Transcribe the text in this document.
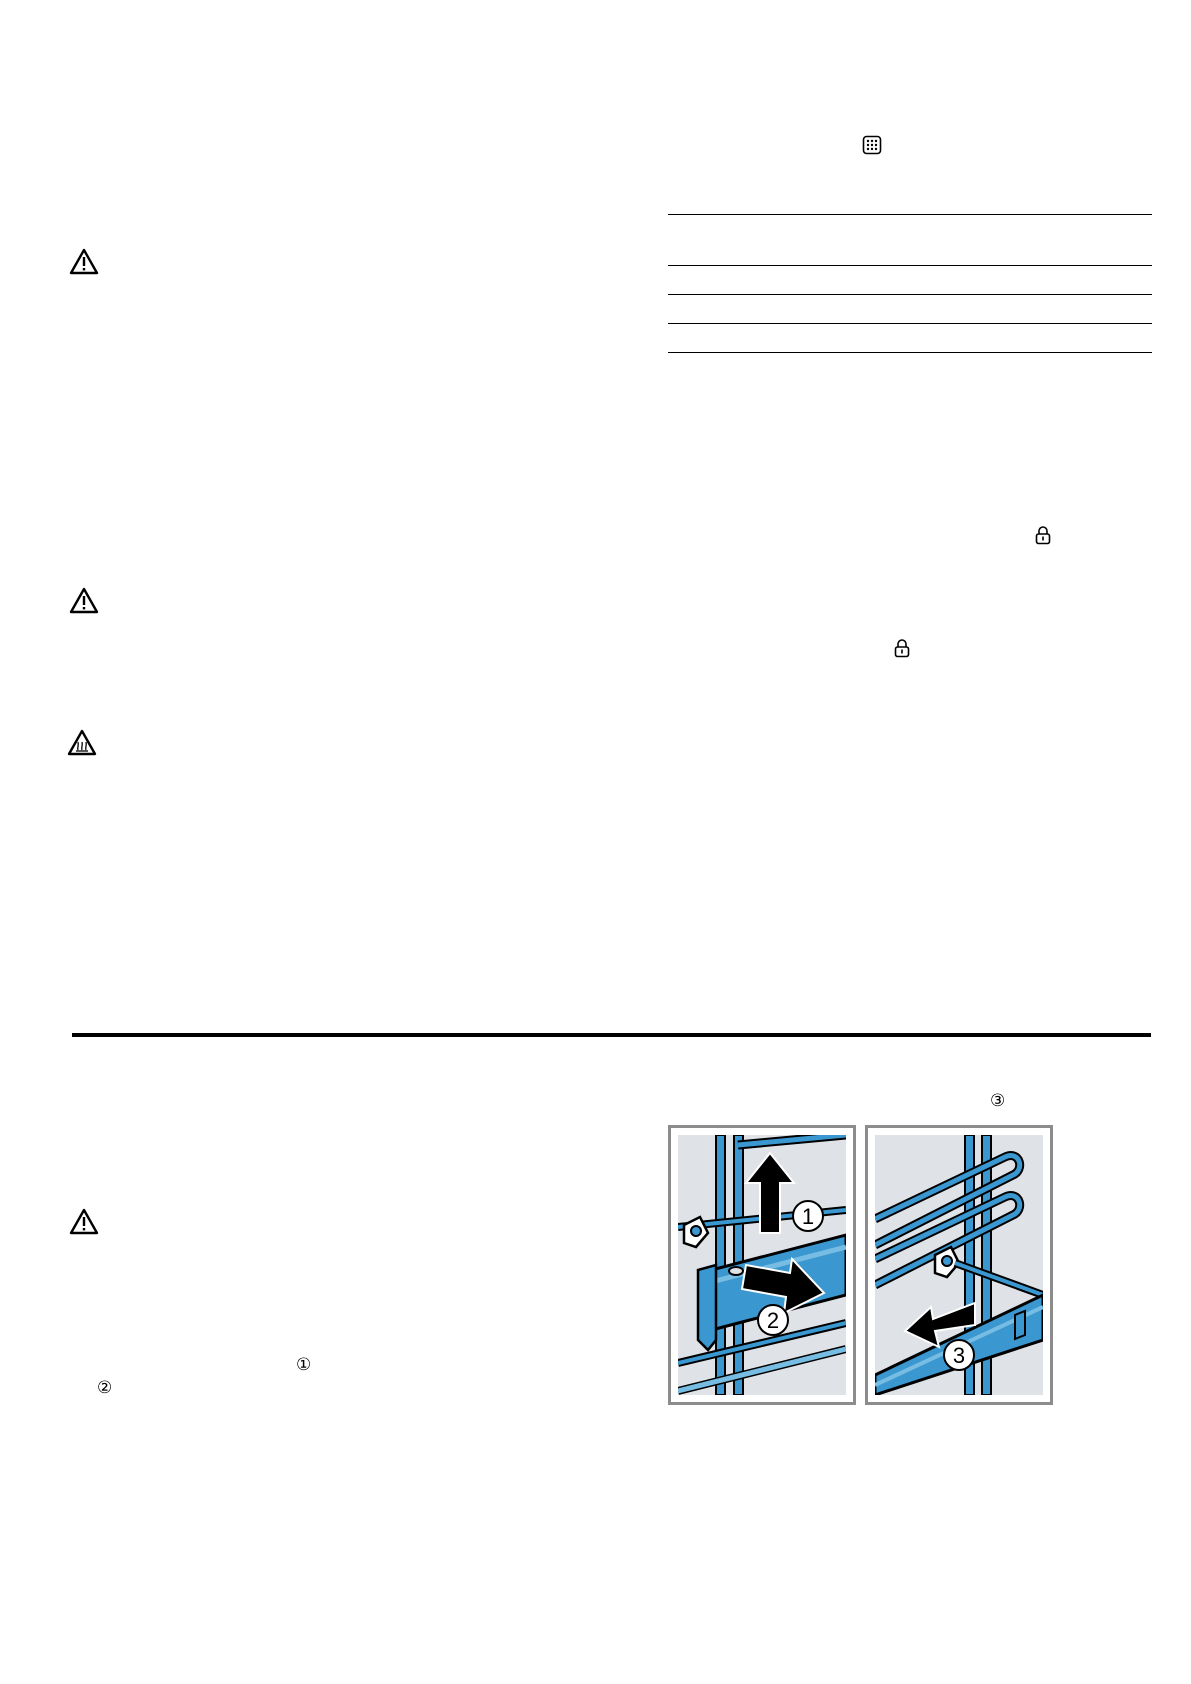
③
①
②
1
2
3
